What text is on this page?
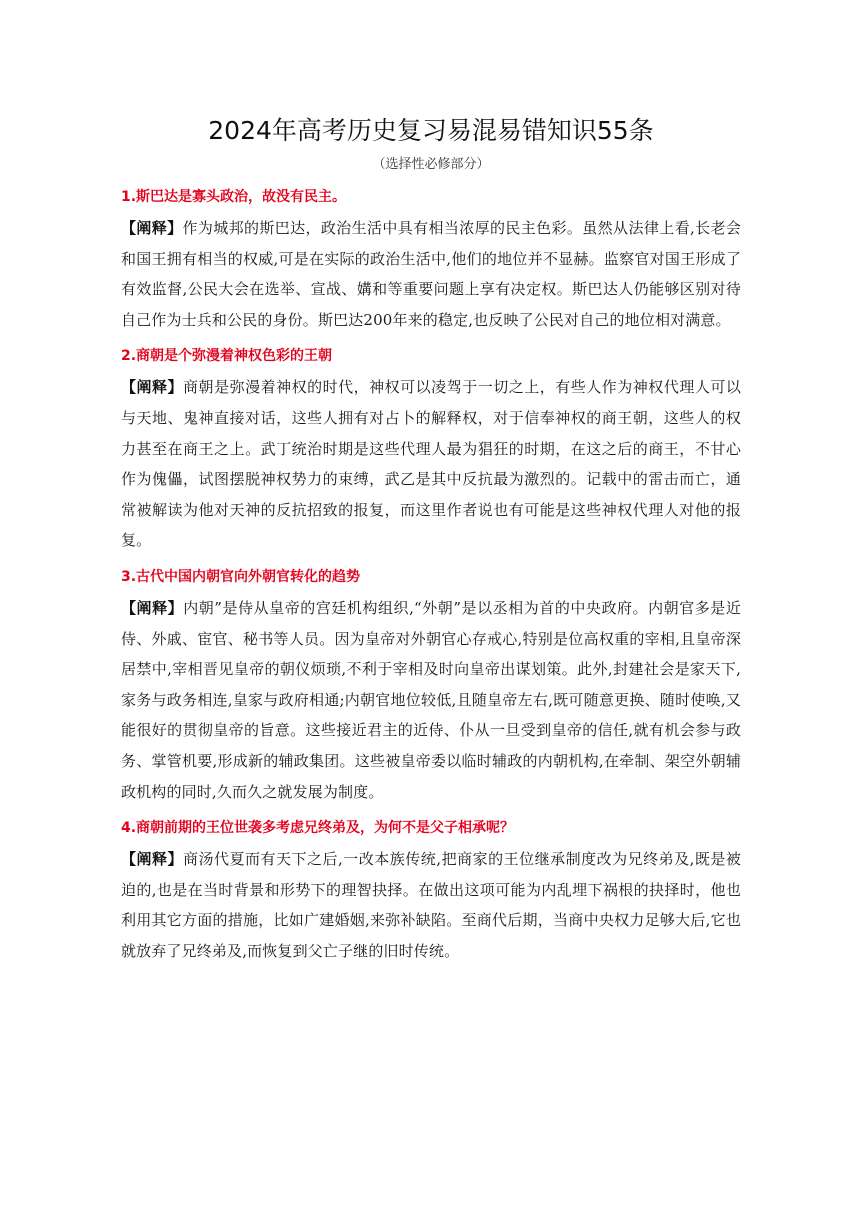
2024年高考历史复习易混易错知识55条
（选择性必修部分）
1.斯巴达是寡头政治，故没有民主。

【阐释】作为城邦的斯巴达，政治生活中具有相当浓厚的民主色彩。虽然从法律上看,长老会和国王拥有相当的权威,可是在实际的政治生活中,他们的地位并不显赫。监察官对国王形成了有效监督,公民大会在选举、宣战、媾和等重要问题上享有决定权。斯巴达人仍能够区别对待自己作为士兵和公民的身份。斯巴达200年来的稳定,也反映了公民对自己的地位相对满意。

2.商朝是个弥漫着神权色彩的王朝

【阐释】商朝是弥漫着神权的时代，神权可以凌驾于一切之上，有些人作为神权代理人可以与天地、鬼神直接对话，这些人拥有对占卜的解释权，对于信奉神权的商王朝，这些人的权力甚至在商王之上。武丁统治时期是这些代理人最为猖狂的时期，在这之后的商王，不甘心作为傀儡，试图摆脱神权势力的束缚，武乙是其中反抗最为激烈的。记载中的雷击而亡，通常被解读为他对天神的反抗招致的报复，而这里作者说也有可能是这些神权代理人对他的报复。

3.古代中国内朝官向外朝官转化的趋势

【阐释】内朝”是侍从皇帝的宫廷机构组织,“外朝”是以丞相为首的中央政府。内朝官多是近侍、外戚、宦官、秘书等人员。因为皇帝对外朝官心存戒心,特别是位高权重的宰相,且皇帝深居禁中,宰相晋见皇帝的朝仪烦琐,不利于宰相及时向皇帝出谋划策。此外,封建社会是家天下,家务与政务相连,皇家与政府相通;内朝官地位较低,且随皇帝左右,既可随意更换、随时使唤,又能很好的贯彻皇帝的旨意。这些接近君主的近侍、仆从一旦受到皇帝的信任,就有机会参与政务、掌管机要,形成新的辅政集团。这些被皇帝委以临时辅政的内朝机构,在牵制、架空外朝辅政机构的同时,久而久之就发展为制度。

4.商朝前期的王位世袭多考虑兄终弟及，为何不是父子相承呢？

【阐释】商汤代夏而有天下之后,一改本族传统,把商家的王位继承制度改为兄终弟及,既是被迫的,也是在当时背景和形势下的理智抉择。在做出这项可能为内乱埋下祸根的抉择时，他也利用其它方面的措施，比如广建婚姻,来弥补缺陷。至商代后期，当商中央权力足够大后,它也就放弃了兄终弟及,而恢复到父亡子继的旧时传统。
